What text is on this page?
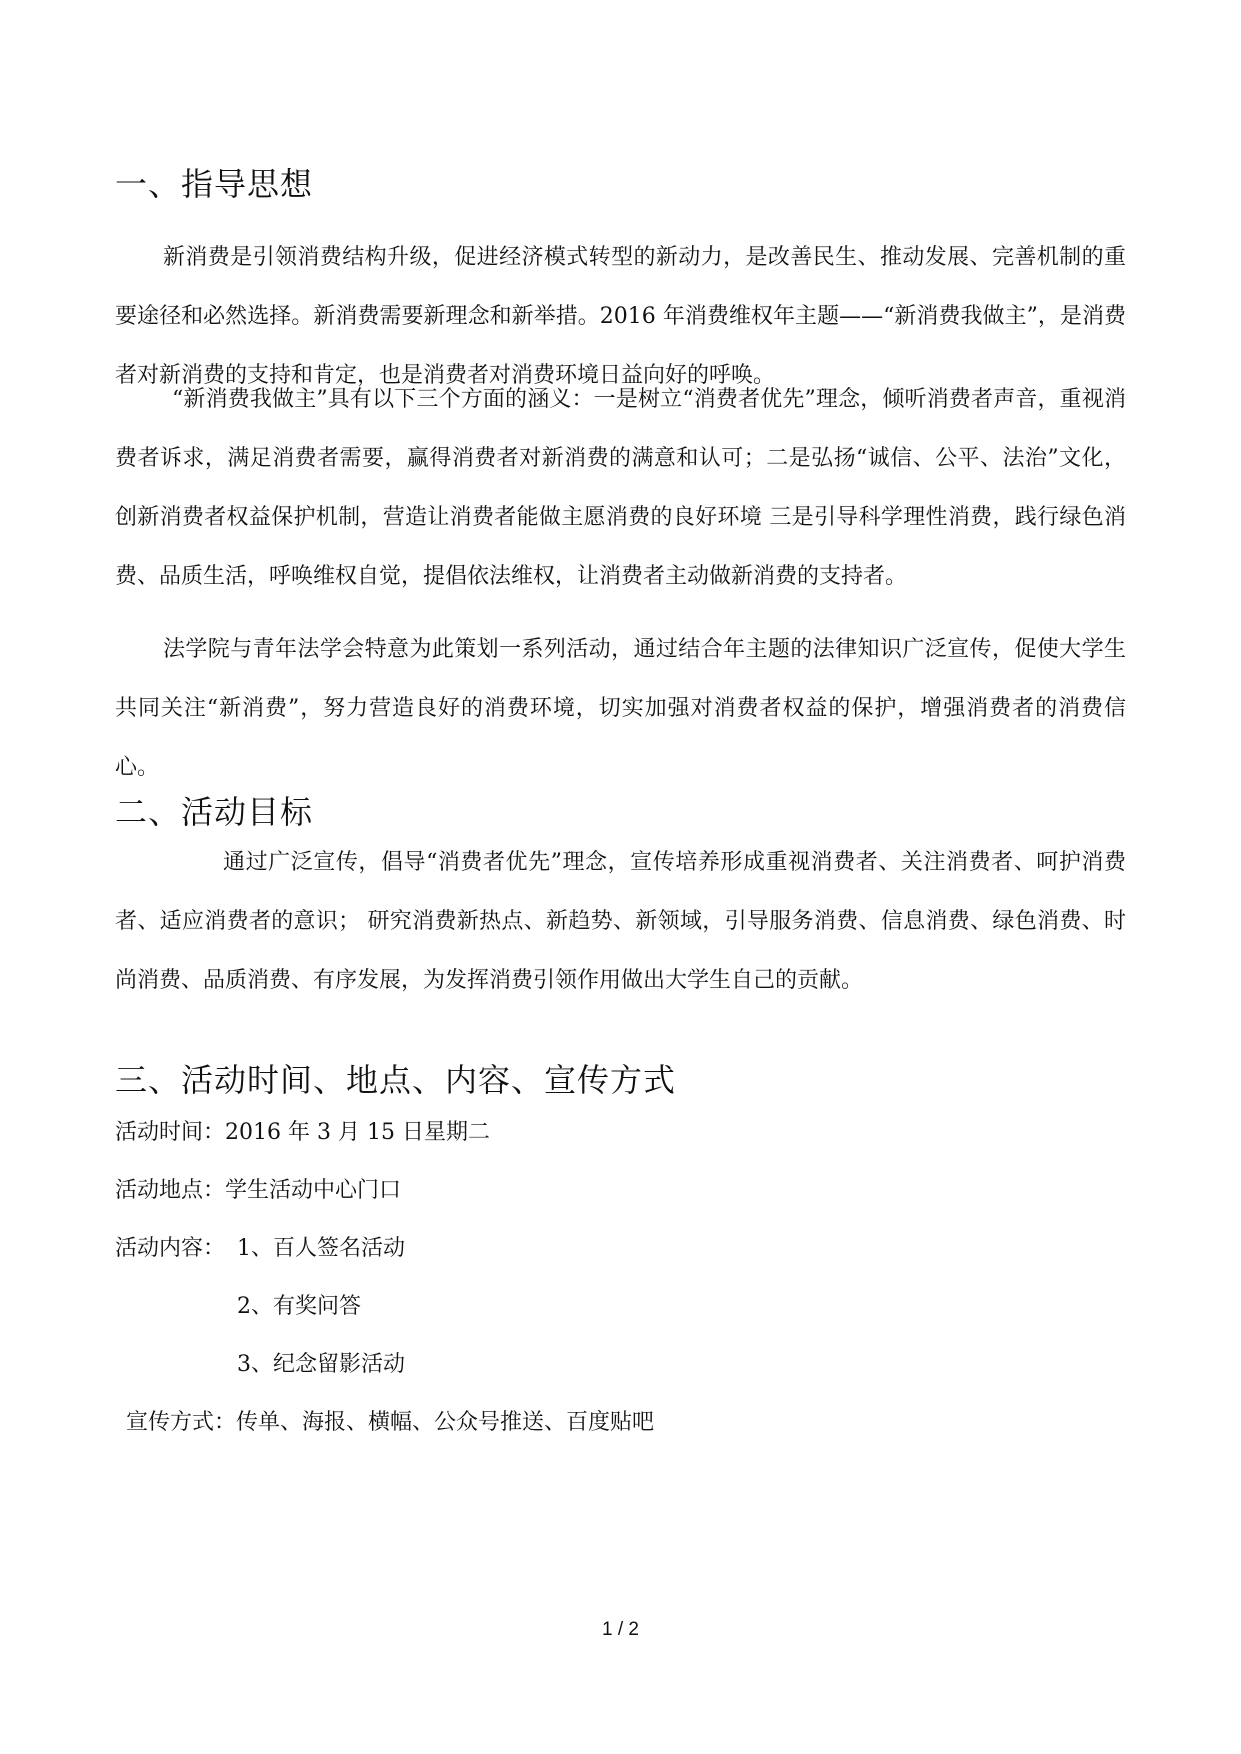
一、指导思想

新消费是引领消费结构升级，促进经济模式转型的新动力，是改善民生、推动发展、完善机制的重要途径和必然选择。新消费需要新理念和新举措。2016 年消费维权年主题——“新消费我做主”，是消费者对新消费的支持和肯定，也是消费者对消费环境日益向好的呼唤。

“新消费我做主”具有以下三个方面的涵义：一是树立“消费者优先”理念，倾听消费者声音，重视消费者诉求，满足消费者需要，赢得消费者对新消费的满意和认可；二是弘扬“诚信、公平、法治”文化，创新消费者权益保护机制，营造让消费者能做主愿消费的良好环境 三是引导科学理性消费，践行绿色消费、品质生活，呼唤维权自觉，提倡依法维权，让消费者主动做新消费的支持者。

法学院与青年法学会特意为此策划一系列活动，通过结合年主题的法律知识广泛宣传，促使大学生共同关注“新消费”，努力营造良好的消费环境，切实加强对消费者权益的保护，增强消费者的消费信心。

二、活动目标

通过广泛宣传，倡导“消费者优先”理念，宣传培养形成重视消费者、关注消费者、呵护消费者、适应消费者的意识； 研究消费新热点、新趋势、新领域，引导服务消费、信息消费、绿色消费、时尚消费、品质消费、有序发展，为发挥消费引领作用做出大学生自己的贡献。

三、活动时间、地点、内容、宣传方式
活动时间：2016 年 3 月 15 日星期二
活动地点：学生活动中心门口
活动内容： 1、百人签名活动
2、有奖问答
3、纪念留影活动
宣传方式：传单、海报、横幅、公众号推送、百度贴吧
1 / 2
